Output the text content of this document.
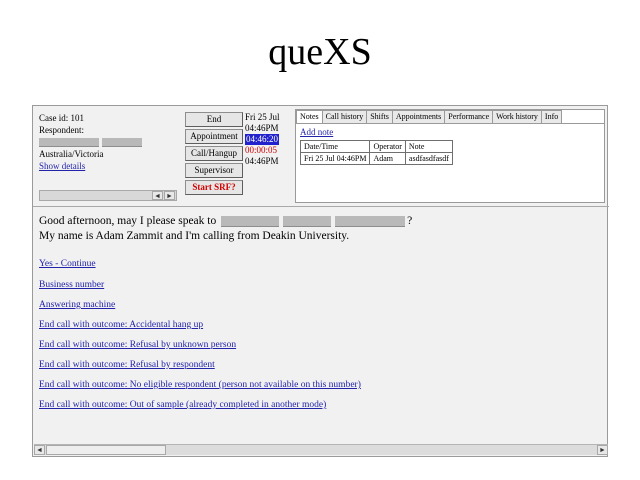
queXS
Case id: 101
Respondent:
Australia/Victoria
Show details
◄ ►
End
Appointment
Call/Hangup
Supervisor
Start SRF?
Fri 25 Jul
04:46PM
04:46:20
00:00:05
04:46PM
Notes Call history Shifts Appointments Performance Work history Info
Add note
Date/Time	Operator	Note
Fri 25 Jul 04:46PM	Adam	asdfasdfasdf
Good afternoon, may I please speak to	?
My name is Adam Zammit and I'm calling from Deakin University.
Yes - Continue
Business number
Answering machine
End call with outcome: Accidental hang up
End call with outcome: Refusal by unknown person
End call with outcome: Refusal by respondent
End call with outcome: No eligible respondent (person not available on this number)
End call with outcome: Out of sample (already completed in another mode)
◄	►
